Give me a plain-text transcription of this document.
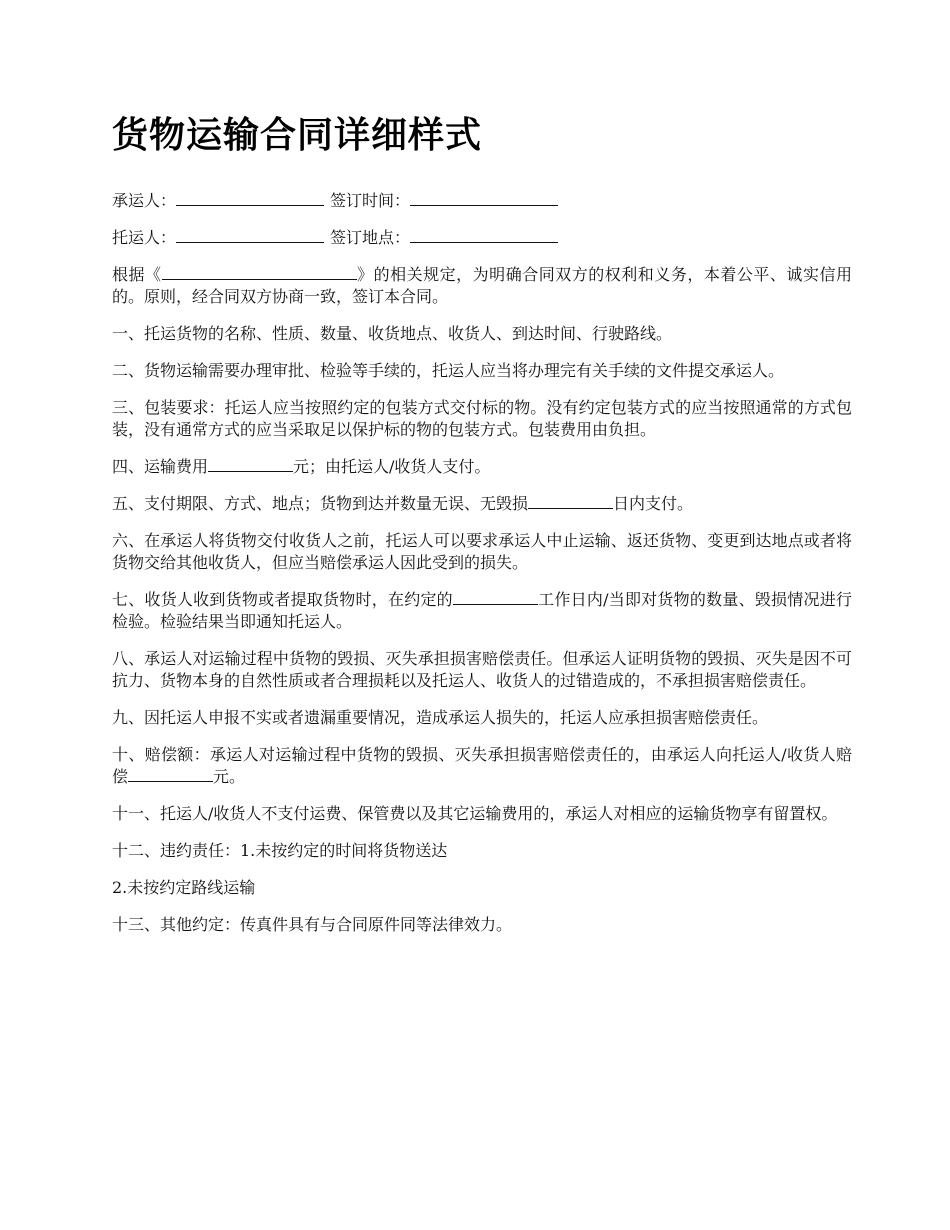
货物运输合同详细样式

承运人：	签订时间：

托运人：	签订地点：

根据《	》的相关规定，为明确合同双方的权利和义务，本着公平、诚实信用的。原则，经合同双方协商一致，签订本合同。

一、托运货物的名称、性质、数量、收货地点、收货人、到达时间、行驶路线。

二、货物运输需要办理审批、检验等手续的，托运人应当将办理完有关手续的文件提交承运人。

三、包装要求：托运人应当按照约定的包装方式交付标的物。没有约定包装方式的应当按照通常的方式包装，没有通常方式的应当采取足以保护标的物的包装方式。包装费用由负担。

四、运输费用	元；由托运人/收货人支付。

五、支付期限、方式、地点；货物到达并数量无误、无毁损	日内支付。

六、在承运人将货物交付收货人之前，托运人可以要求承运人中止运输、返还货物、变更到达地点或者将货物交给其他收货人，但应当赔偿承运人因此受到的损失。

七、收货人收到货物或者提取货物时，在约定的	工作日内/当即对货物的数量、毁损情况进行检验。检验结果当即通知托运人。

八、承运人对运输过程中货物的毁损、灭失承担损害赔偿责任。但承运人证明货物的毁损、灭失是因不可抗力、货物本身的自然性质或者合理损耗以及托运人、收货人的过错造成的，不承担损害赔偿责任。

九、因托运人申报不实或者遗漏重要情况，造成承运人损失的，托运人应承担损害赔偿责任。

十、赔偿额：承运人对运输过程中货物的毁损、灭失承担损害赔偿责任的，由承运人向托运人/收货人赔偿	元。

十一、托运人/收货人不支付运费、保管费以及其它运输费用的，承运人对相应的运输货物享有留置权。

十二、违约责任：1.未按约定的时间将货物送达

2.未按约定路线运输

十三、其他约定：传真件具有与合同原件同等法律效力。
